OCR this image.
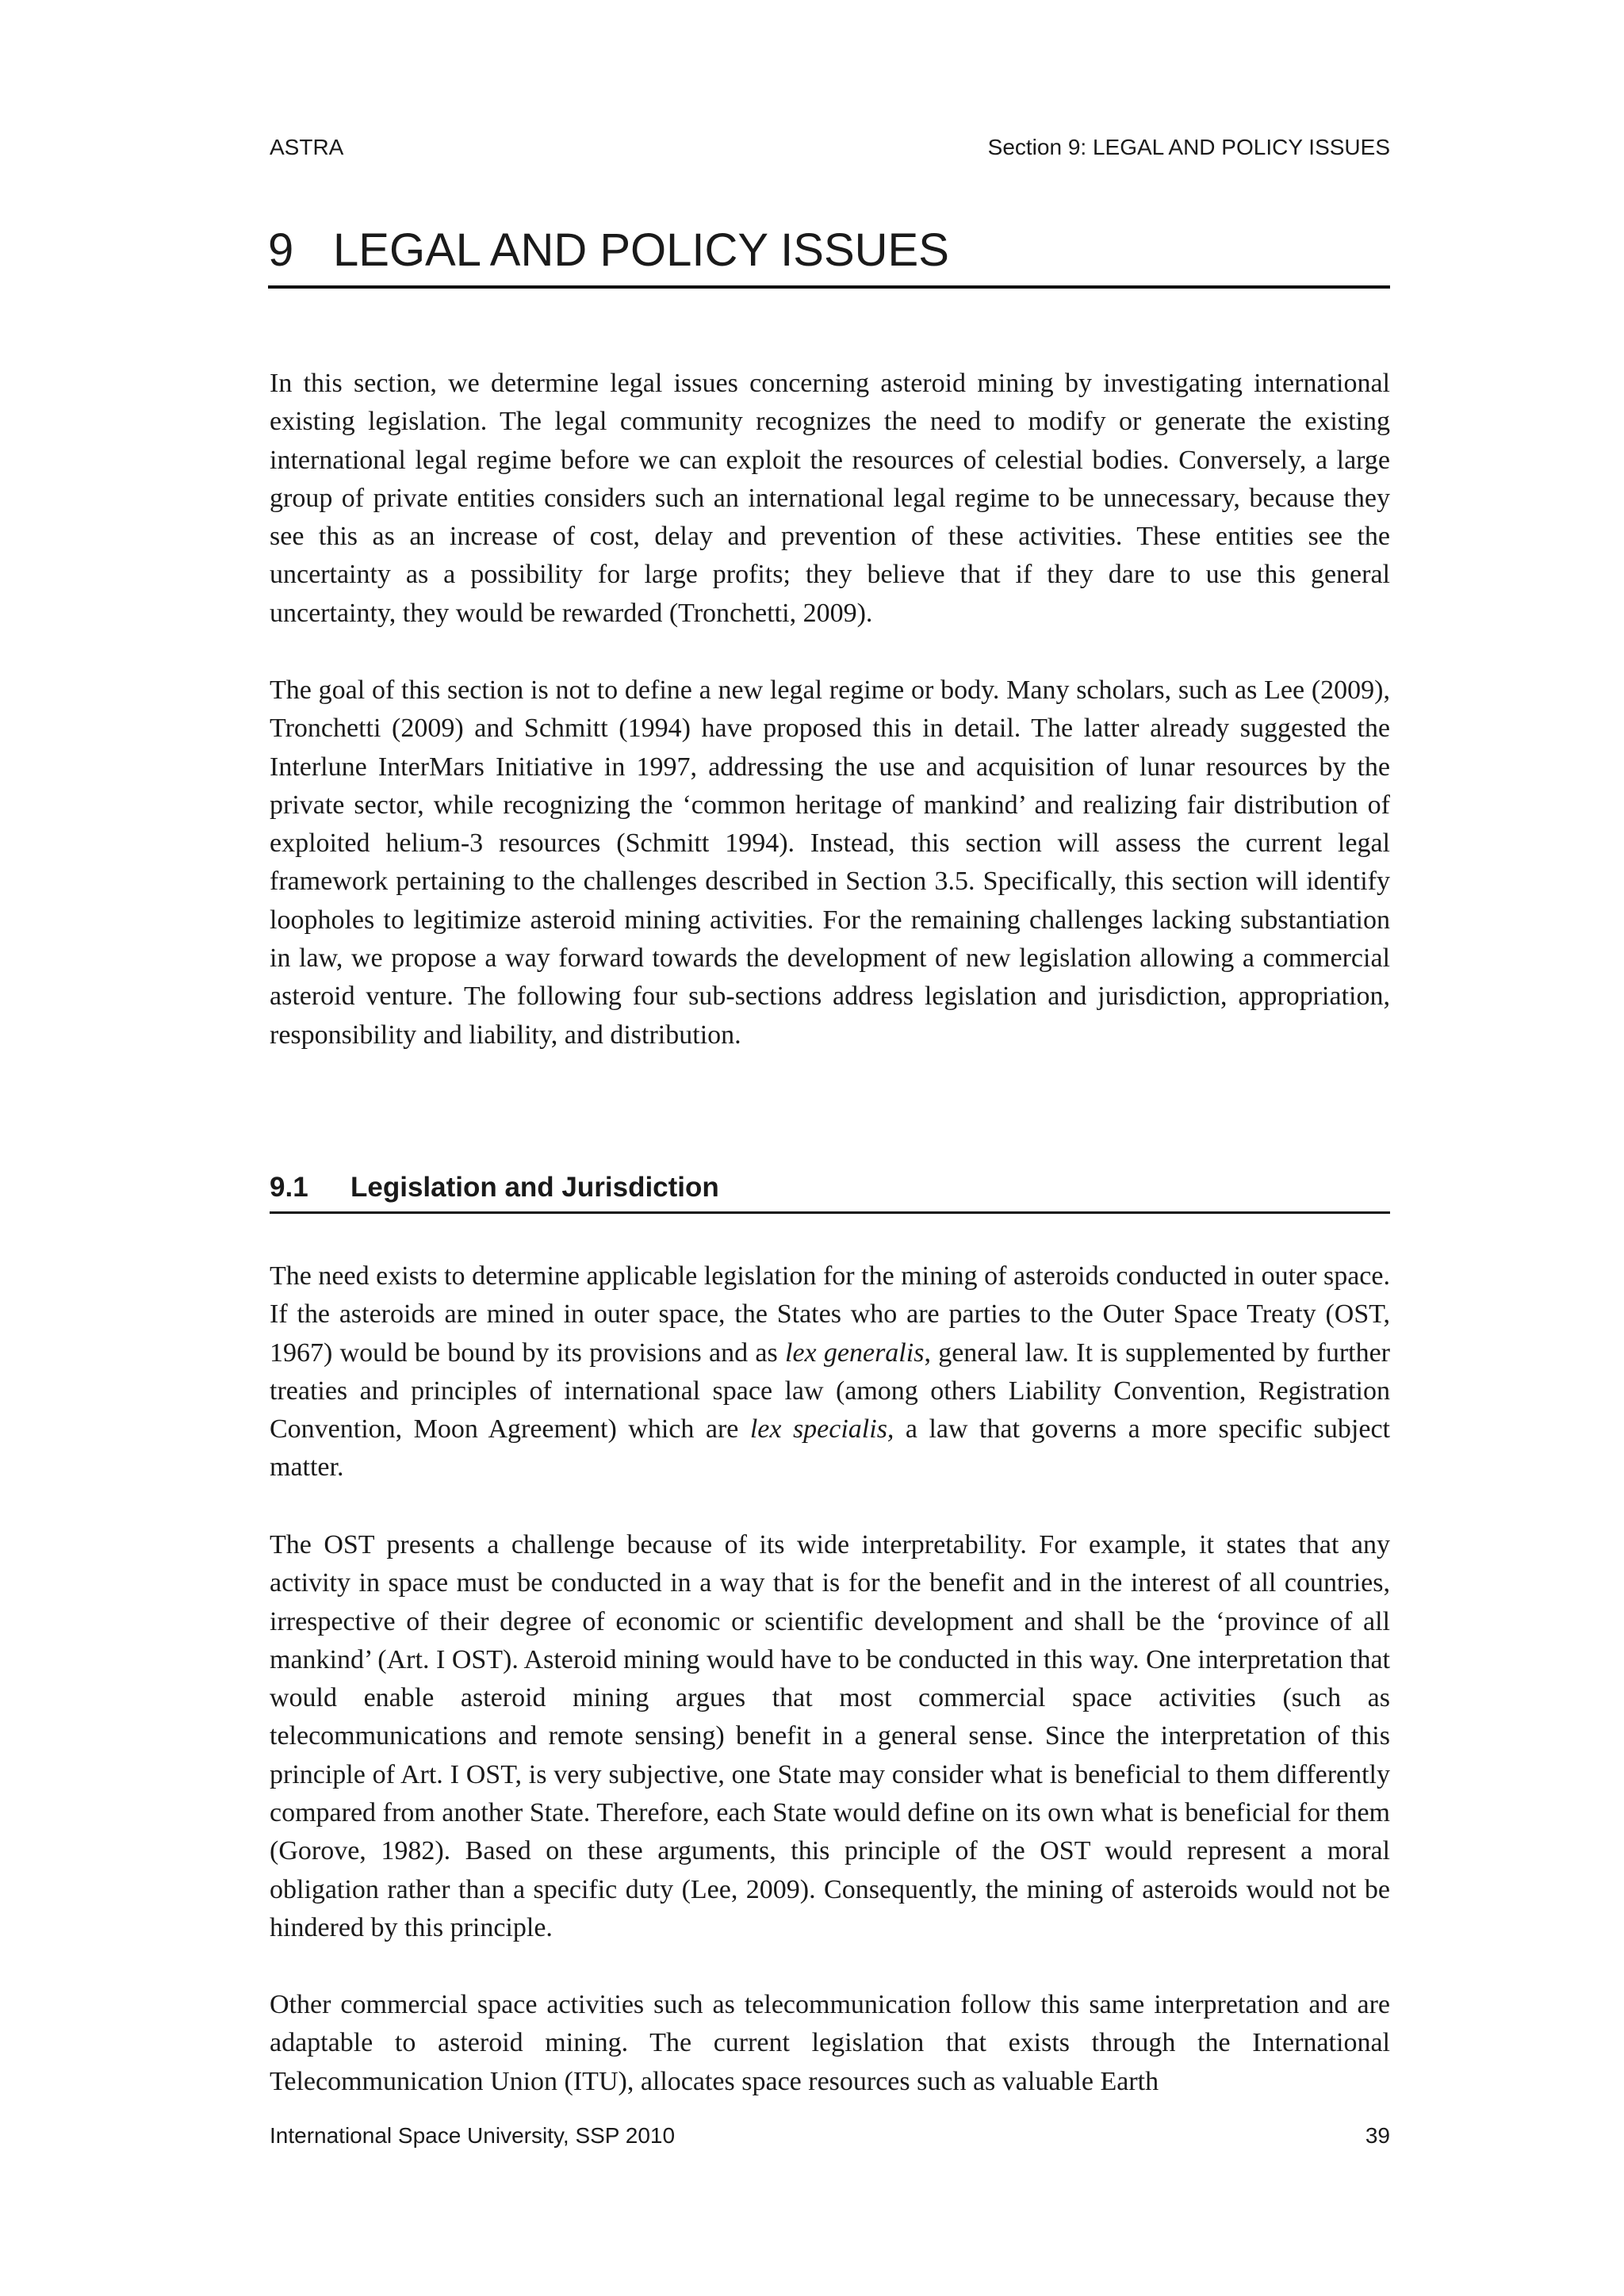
ASTRA	Section 9: LEGAL AND POLICY ISSUES
9 LEGAL AND POLICY ISSUES

In this section, we determine legal issues concerning asteroid mining by investigating international existing legislation. The legal community recognizes the need to modify or generate the existing international legal regime before we can exploit the resources of celestial bodies. Conversely, a large group of private entities considers such an international legal regime to be unnecessary, because they see this as an increase of cost, delay and prevention of these activities. These entities see the uncertainty as a possibility for large profits; they believe that if they dare to use this general uncertainty, they would be rewarded (Tronchetti, 2009).

The goal of this section is not to define a new legal regime or body. Many scholars, such as Lee (2009), Tronchetti (2009) and Schmitt (1994) have proposed this in detail. The latter already suggested the Interlune InterMars Initiative in 1997, addressing the use and acquisition of lunar resources by the private sector, while recognizing the ‘common heritage of mankind’ and realizing fair distribution of exploited helium-3 resources (Schmitt 1994). Instead, this section will assess the current legal framework pertaining to the challenges described in Section 3.5. Specifically, this section will identify loopholes to legitimize asteroid mining activities. For the remaining challenges lacking substantiation in law, we propose a way forward towards the development of new legislation allowing a commercial asteroid venture. The following four sub-sections address legislation and jurisdiction, appropriation, responsibility and liability, and distribution.

9.1 Legislation and Jurisdiction

The need exists to determine applicable legislation for the mining of asteroids conducted in outer space. If the asteroids are mined in outer space, the States who are parties to the Outer Space Treaty (OST, 1967) would be bound by its provisions and as lex generalis, general law. It is supplemented by further treaties and principles of international space law (among others Liability Convention, Registration Convention, Moon Agreement) which are lex specialis, a law that governs a more specific subject matter.

The OST presents a challenge because of its wide interpretability. For example, it states that any activity in space must be conducted in a way that is for the benefit and in the interest of all countries, irrespective of their degree of economic or scientific development and shall be the ‘province of all mankind’ (Art. I OST). Asteroid mining would have to be conducted in this way. One interpretation that would enable asteroid mining argues that most commercial space activities (such as telecommunications and remote sensing) benefit in a general sense. Since the interpretation of this principle of Art. I OST, is very subjective, one State may consider what is beneficial to them differently compared from another State. Therefore, each State would define on its own what is beneficial for them (Gorove, 1982). Based on these arguments, this principle of the OST would represent a moral obligation rather than a specific duty (Lee, 2009). Consequently, the mining of asteroids would not be hindered by this principle.

Other commercial space activities such as telecommunication follow this same interpretation and are adaptable to asteroid mining. The current legislation that exists through the International Telecommunication Union (ITU), allocates space resources such as valuable Earth

International Space University, SSP 2010	39
